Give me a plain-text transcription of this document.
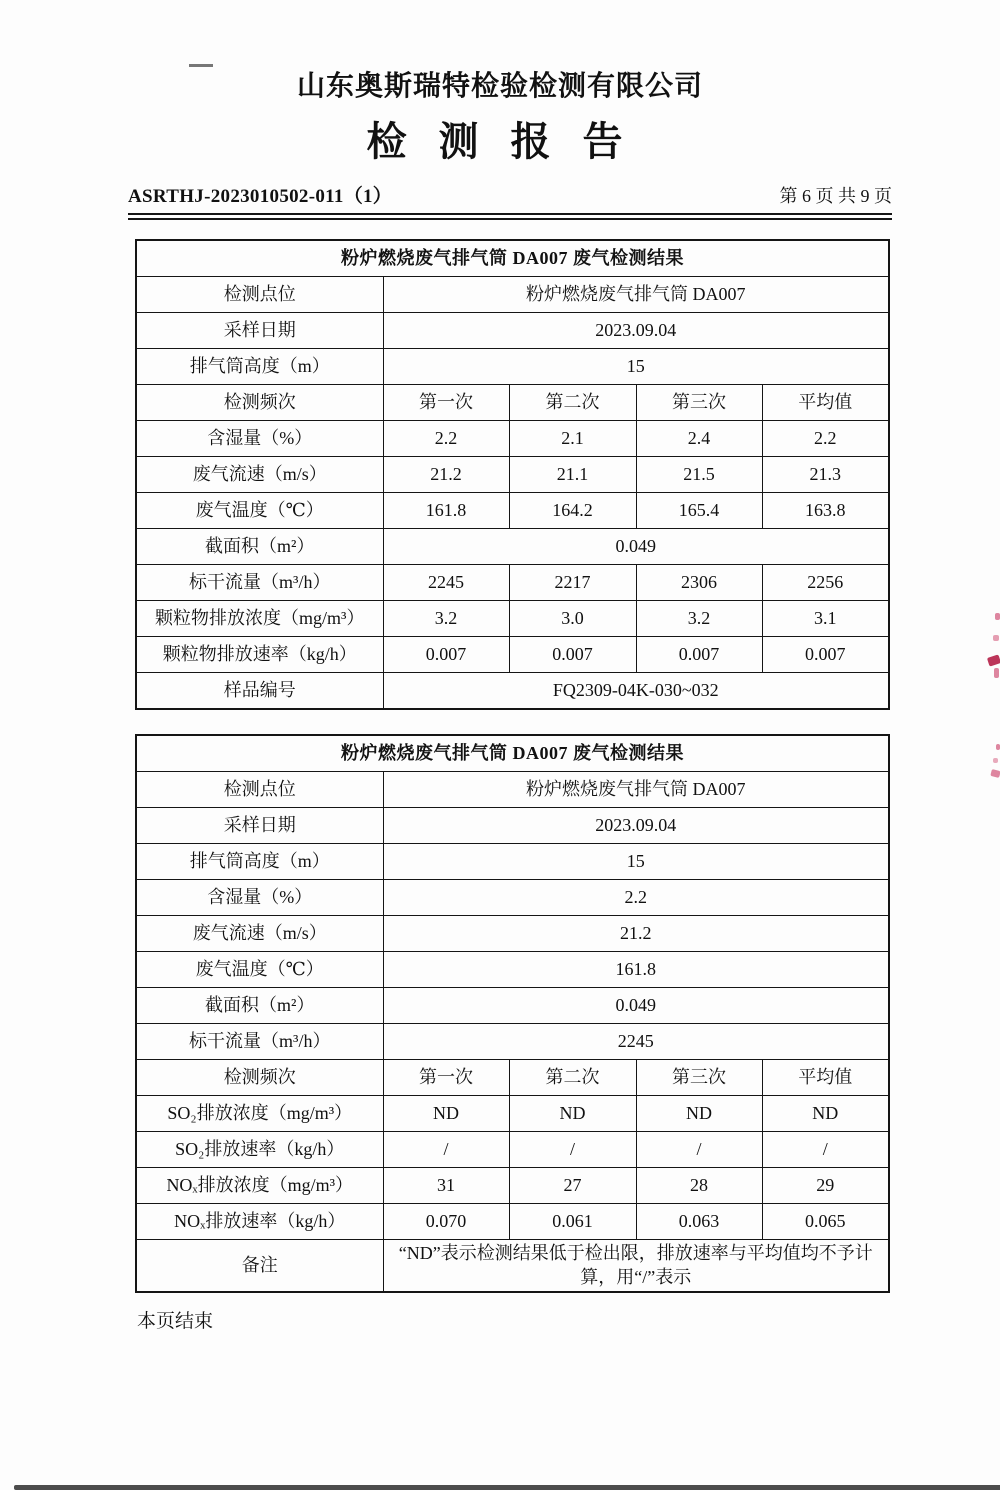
山东奥斯瑞特检验检测有限公司
检 测 报 告
ASRTHJ-2023010502-011（1）	第 6 页 共 9 页
粉炉燃烧废气排气筒 DA007 废气检测结果				
检测点位	粉炉燃烧废气排气筒 DA007			
采样日期	2023.09.04			
排气筒高度（m）	15			
检测频次	第一次	第二次	第三次	平均值
含湿量（%）	2.2	2.1	2.4	2.2
废气流速（m/s）	21.2	21.1	21.5	21.3
废气温度（℃）	161.8	164.2	165.4	163.8
截面积（m²）	0.049			
标干流量（m³/h）	2245	2217	2306	2256
颗粒物排放浓度（mg/m³）	3.2	3.0	3.2	3.1
颗粒物排放速率（kg/h）	0.007	0.007	0.007	0.007
样品编号	FQ2309-04K-030~032			
粉炉燃烧废气排气筒 DA007 废气检测结果				
检测点位	粉炉燃烧废气排气筒 DA007			
采样日期	2023.09.04			
排气筒高度（m）	15			
含湿量（%）	2.2			
废气流速（m/s）	21.2			
废气温度（℃）	161.8			
截面积（m²）	0.049			
标干流量（m³/h）	2245			
检测频次	第一次	第二次	第三次	平均值
SO₂排放浓度（mg/m³）	ND	ND	ND	ND
SO₂排放速率（kg/h）	/	/	/	/
NOₓ排放浓度（mg/m³）	31	27	28	29
NOₓ排放速率（kg/h）	0.070	0.061	0.063	0.065
备注	“ND”表示检测结果低于检出限，排放速率与平均值均不予计算，用“/”表示			
本页结束
